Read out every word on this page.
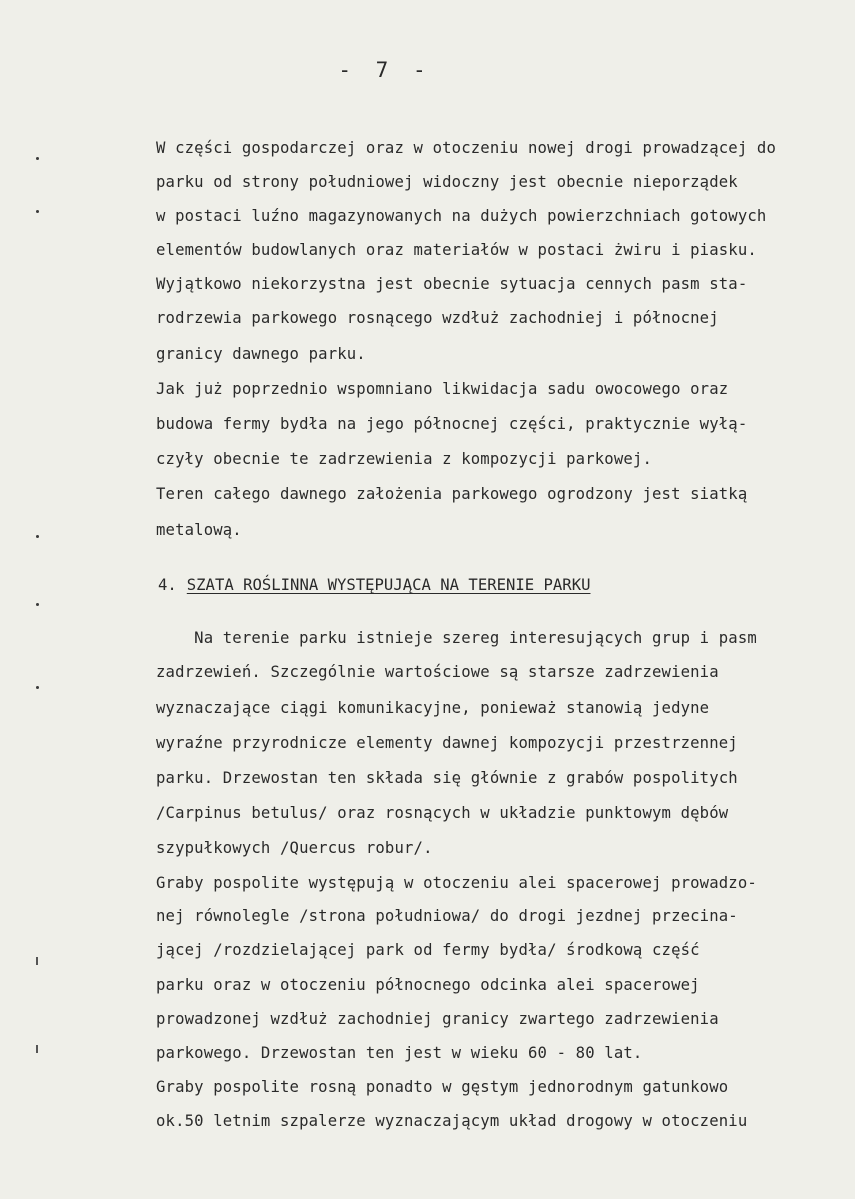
- 7 -
W części gospodarczej oraz w otoczeniu nowej drogi prowadzącej do
parku od strony południowej widoczny jest obecnie nieporządek
w postaci luźno magazynowanych na dużych powierzchniach gotowych
elementów budowlanych oraz materiałów w postaci żwiru i piasku.
Wyjątkowo niekorzystna jest obecnie sytuacja cennych pasm sta-
rodrzewia parkowego rosnącego wzdłuż zachodniej i północnej
granicy dawnego parku.
Jak już poprzednio wspomniano likwidacja sadu owocowego oraz
budowa fermy bydła na jego północnej części, praktycznie wyłą-
czyły obecnie te zadrzewienia z kompozycji parkowej.
Teren całego dawnego założenia parkowego ogrodzony jest siatką
metalową.
4. SZATA ROŚLINNA WYSTĘPUJĄCA NA TERENIE PARKU
Na terenie parku istnieje szereg interesujących grup i pasm
zadrzewień. Szczególnie wartościowe są starsze zadrzewienia
wyznaczające ciągi komunikacyjne, ponieważ stanowią jedyne
wyraźne przyrodnicze elementy dawnej kompozycji przestrzennej
parku. Drzewostan ten składa się głównie z grabów pospolitych
/Carpinus betulus/ oraz rosnących w układzie punktowym dębów
szypułkowych /Quercus robur/.
Graby pospolite występują w otoczeniu alei spacerowej prowadzo-
nej równolegle /strona południowa/ do drogi jezdnej przecina-
jącej /rozdzielającej park od fermy bydła/ środkową część
parku oraz w otoczeniu północnego odcinka alei spacerowej
prowadzonej wzdłuż zachodniej granicy zwartego zadrzewienia
parkowego. Drzewostan ten jest w wieku 60 - 80 lat.
Graby pospolite rosną ponadto w gęstym jednorodnym gatunkowo
ok.50 letnim szpalerze wyznaczającym układ drogowy w otoczeniu
